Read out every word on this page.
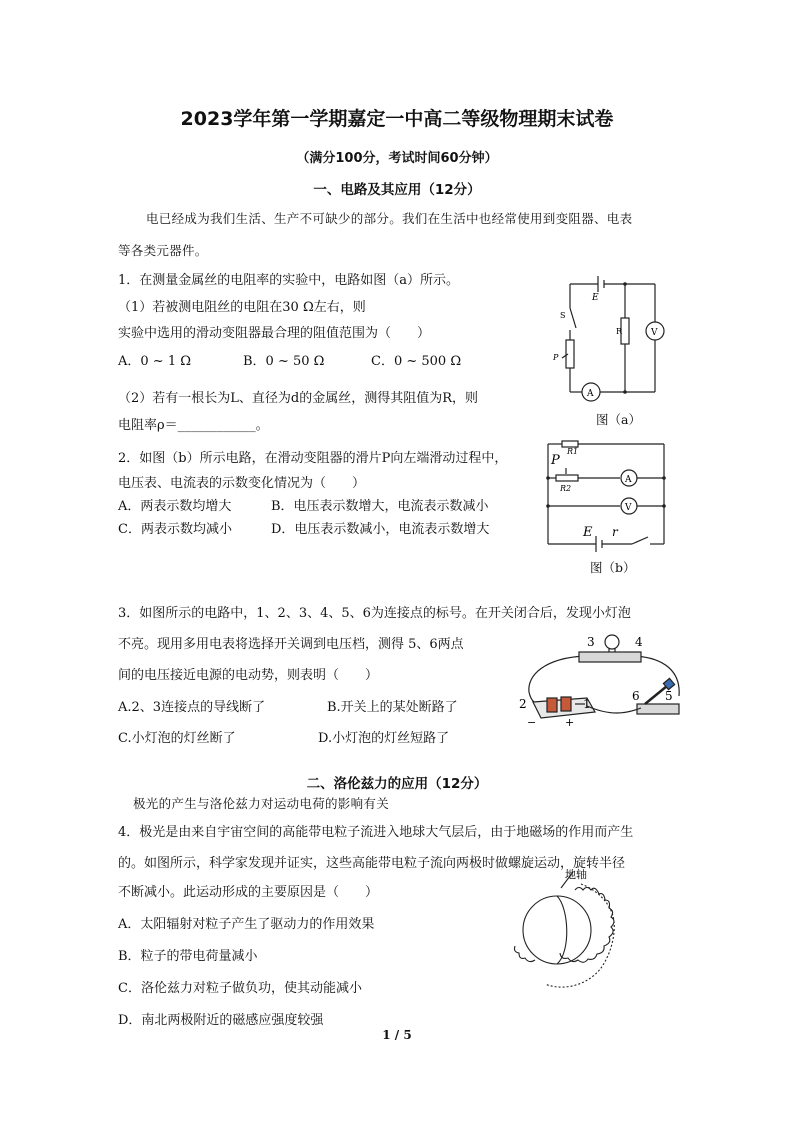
2023学年第一学期嘉定一中高二等级物理期末试卷
（满分100分，考试时间60分钟）
一、电路及其应用（12分）
电已经成为我们生活、生产不可缺少的部分。我们在生活中也经常使用到变阻器、电表
等各类元器件。
1．在测量金属丝的电阻率的实验中，电路如图（a）所示。
（1）若被测电阻丝的电阻在30 Ω左右，则
实验中选用的滑动变阻器最合理的阻值范围为（　　）
A．0 ~ 1 Ω	B．0 ~ 50 Ω	C．0 ~ 500 Ω
（2）若有一根长为L、直径为d的金属丝，测得其阻值为R，则
电阻率ρ＝____________。
E
S
R	V
A
P
图（a）
2．如图（b）所示电路，在滑动变阻器的滑片P向左端滑动过程中，
电压表、电流表的示数变化情况为（　　）
A．两表示数均增大	B．电压表示数增大，电流表示数减小
C．两表示数均减小	D．电压表示数减小，电流表示数增大
P
R1
R2
A
V
E r
图（b）
3．如图所示的电路中，1、2、3、4、5、6为连接点的标号。在开关闭合后，发现小灯泡
不亮。现用多用电表将选择开关调到电压档，测得 5、6两点
间的电压接近电源的电动势，则表明（　　）
A.2、3连接点的导线断了	B.开关上的某处断路了
C.小灯泡的灯丝断了	D.小灯泡的灯丝短路了
3	4
2	1
6 5
−	+
二、洛伦兹力的应用（12分）
极光的产生与洛伦兹力对运动电荷的影响有关
4．极光是由来自宇宙空间的高能带电粒子流进入地球大气层后，由于地磁场的作用而产生
的。如图所示，科学家发现并证实，这些高能带电粒子流向两极时做螺旋运动，旋转半径
不断减小。此运动形成的主要原因是（　　）
A．太阳辐射对粒子产生了驱动力的作用效果
B．粒子的带电荷量减小
C．洛伦兹力对粒子做负功，使其动能减小
D．南北两极附近的磁感应强度较强
地轴
1 / 5
